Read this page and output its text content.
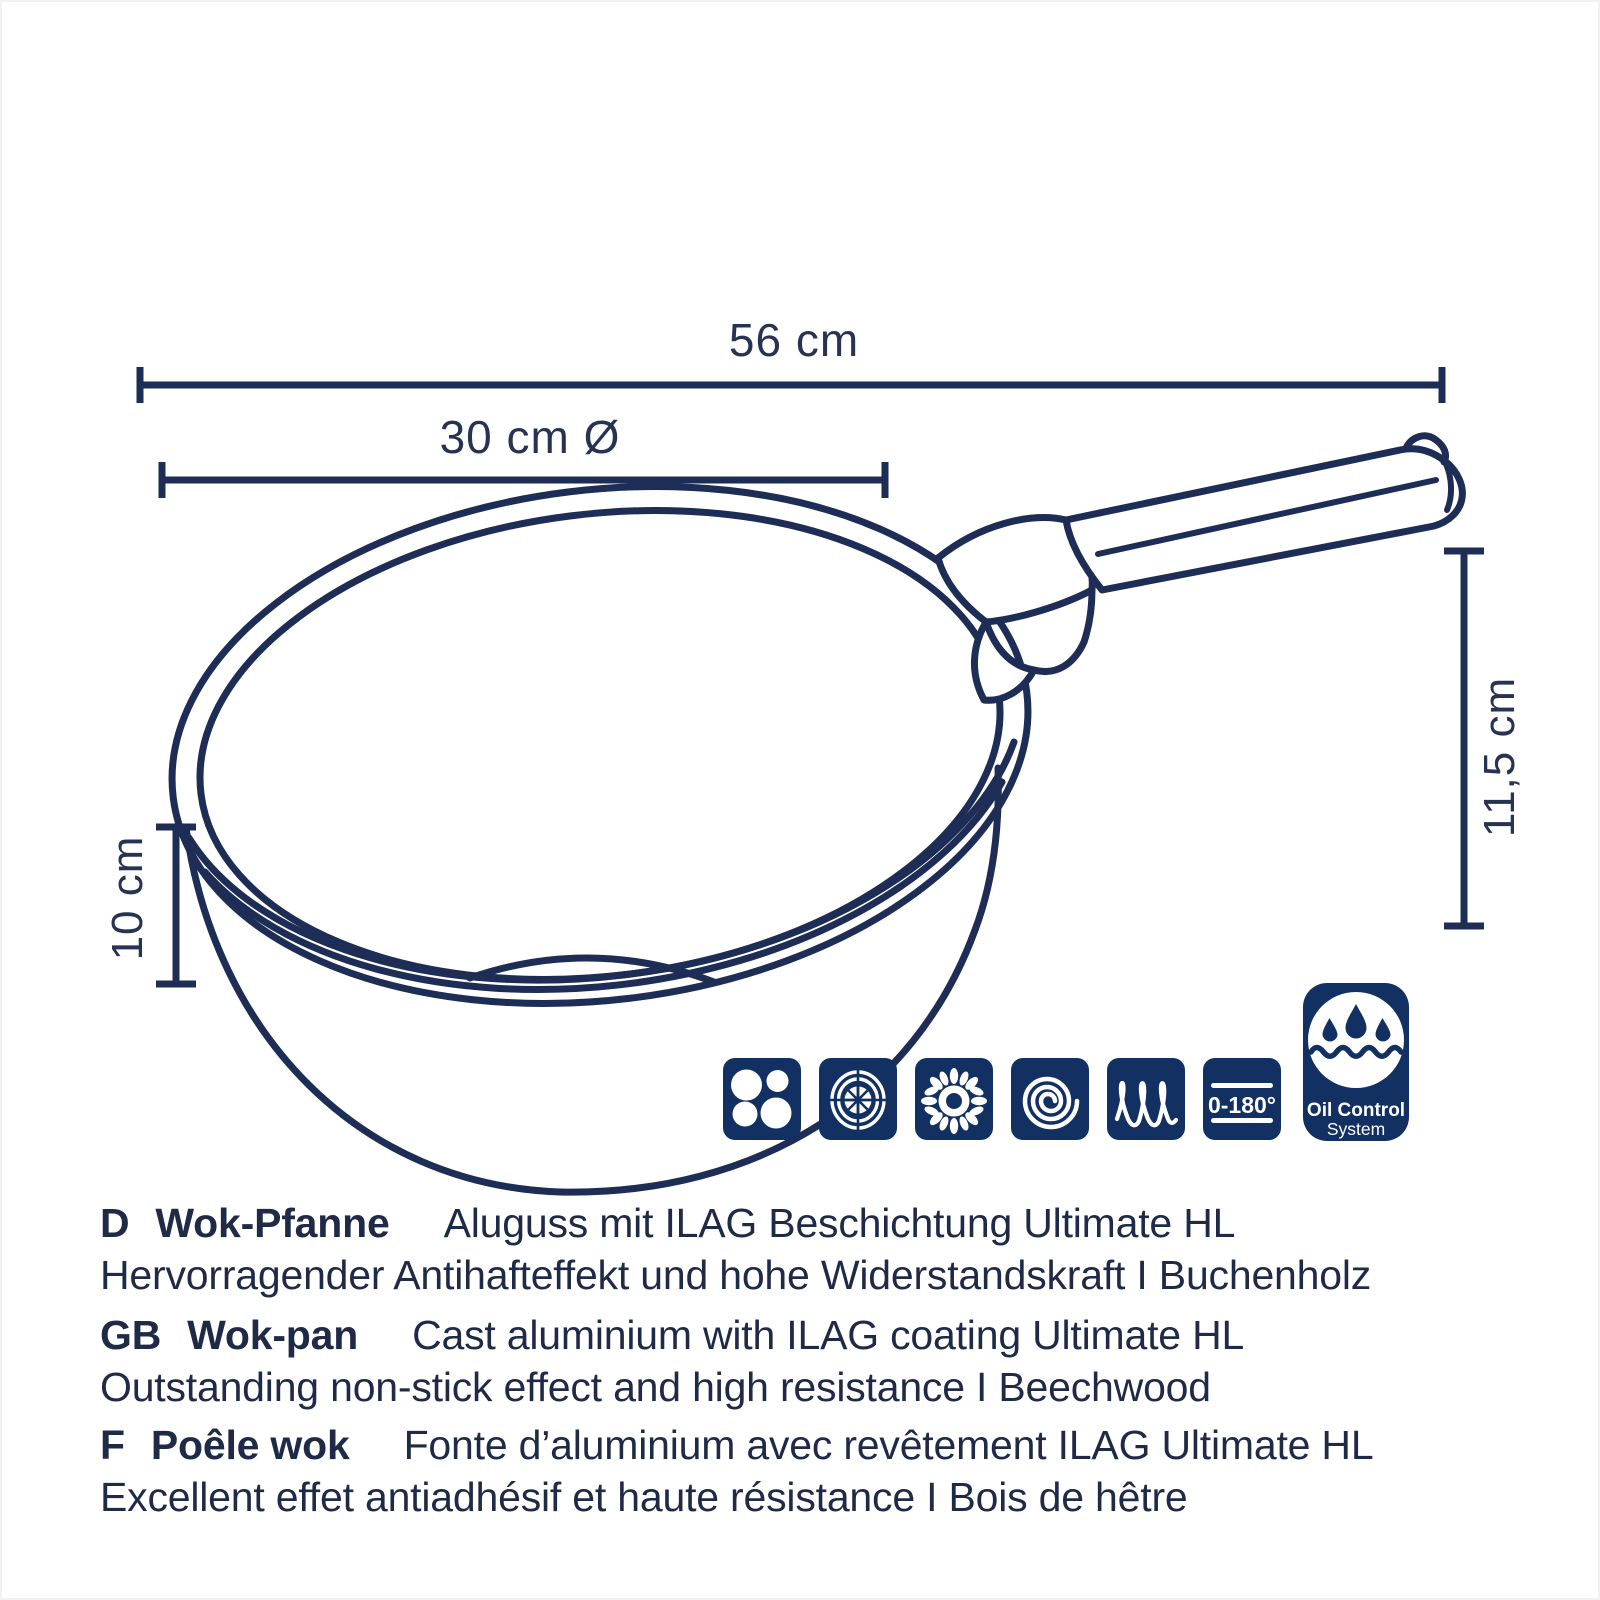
56 cm
30 cm Ø
10 cm
11,5 cm
0-180° Oil Control
System
D Wok-Pfanne Aluguss mit ILAG Beschichtung Ultimate HL
Hervorragender Antihafteffekt und hohe Widerstandskraft I Buchenholz
GB Wok-pan Cast aluminium with ILAG coating Ultimate HL
Outstanding non-stick effect and high resistance I Beechwood
F Poêle wok Fonte d’aluminium avec revêtement ILAG Ultimate HL
Excellent effet antiadhésif et haute résistance I Bois de hêtre
